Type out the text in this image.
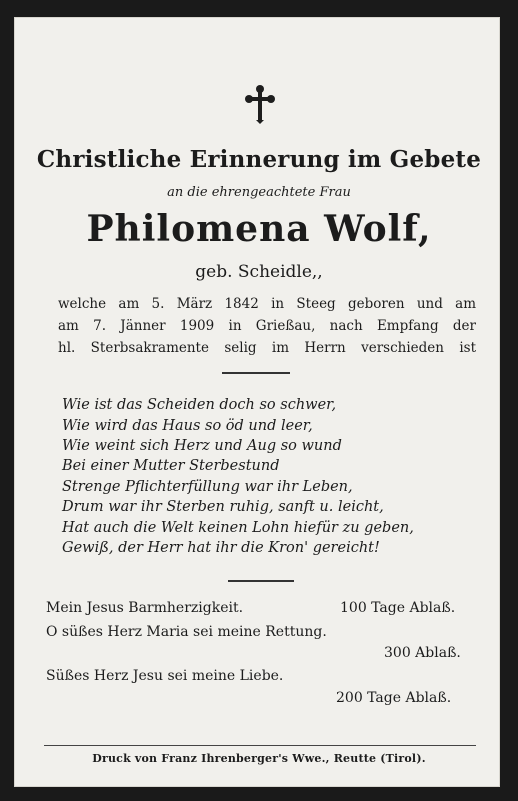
Christliche Erinnerung im Gebete
an die ehrengeachtete Frau
Philomena Wolf,
geb. Scheidle,,
welche am 5. März 1842 in Steeg geboren und am
am 7. Jänner 1909 in Grießau, nach Empfang der
hl. Sterbsakramente selig im Herrn verschieden ist
Wie ist das Scheiden doch so schwer,
Wie wird das Haus so öd und leer,
Wie weint sich Herz und Aug so wund
Bei einer Mutter Sterbestund
Strenge Pflichterfüllung war ihr Leben,
Drum war ihr Sterben ruhig, sanft u. leicht,
Hat auch die Welt keinen Lohn hiefür zu geben,
Gewiß, der Herr hat ihr die Kron' gereicht!
Mein Jesus Barmherzigkeit.	100 Tage Ablaß.
O süßes Herz Maria sei meine Rettung.
300 Ablaß.
Süßes Herz Jesu sei meine Liebe.
200 Tage Ablaß.
Druck von Franz Ihrenberger's Wwe., Reutte (Tirol).
